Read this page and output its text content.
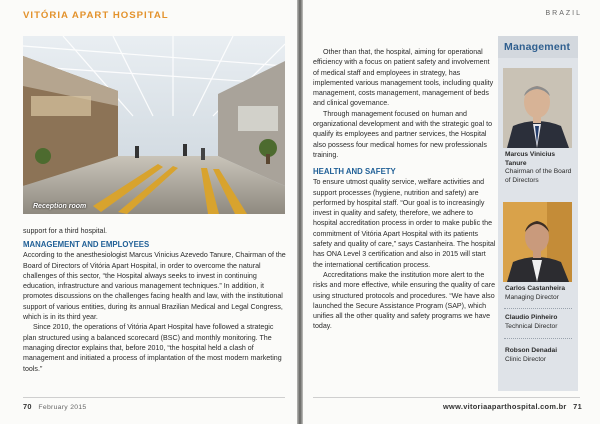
VITÓRIA APART HOSPITAL
Reception room

support for a third hospital.

MANAGEMENT AND EMPLOYEES

According to the anesthesiologist Marcus Vinicius Azevedo Tanure, Chairman of the Board of Directors of Vitória Apart Hospital, in order to overcome the natural challenges of this sector, “the Hospital always seeks to invest in continuing education, infrastructure and various management techniques.” In addition, it promotes discussions on the challenges facing health and law, with the institutional support of various entities, during its annual Brazilian Medical and Legal Congress, which is in its third year.

Since 2010, the operations of Vitória Apart Hospital have followed a strategic plan structured using a balanced scorecard (BSC) and monthly monitoring. The managing director explains that, before 2010, “the hospital held a clash of management and initiated a process of implantation of the most modern marketing tools.”

70 February 2015
BRAZIL

Other than that, the hospital, aiming for operational efficiency with a focus on patient safety and involvement of medical staff and employees in strategy, has implemented various management tools, including quality management, costs management, management of beds and clinical governance.

Through management focused on human and organizational development and with the strategic goal to qualify its employees and partner services, the Hospital also possess four medical homes for new professionals training.

HEALTH AND SAFETY

To ensure utmost quality service, welfare activities and support processes (hygiene, nutrition and safety) are performed by hospital staff. “Our goal is to increasingly invest in quality and safety, therefore, we adhere to hospital accreditation process in order to make public the commitment of Vitória Apart Hospital with its patients safety and quality of care,” says Castanheira. The hospital has ONA Level 3 certification and also in 2015 will start the international certification process.

Accreditations make the institution more alert to the risks and more effective, while ensuring the quality of care using structured protocols and procedures. “We have also launched the Secure Assistance Program (SAP), which unifies all the other quality and safety programs we have today.

Management
Marcus Vinicius Tanure
Chairman of the Board of Directors
Carlos Castanheira
Managing Director
Claudio Pinheiro
Technical Director
Robson Denadai
Clinic Director
www.vitoriaaparthospital.com.br 71
